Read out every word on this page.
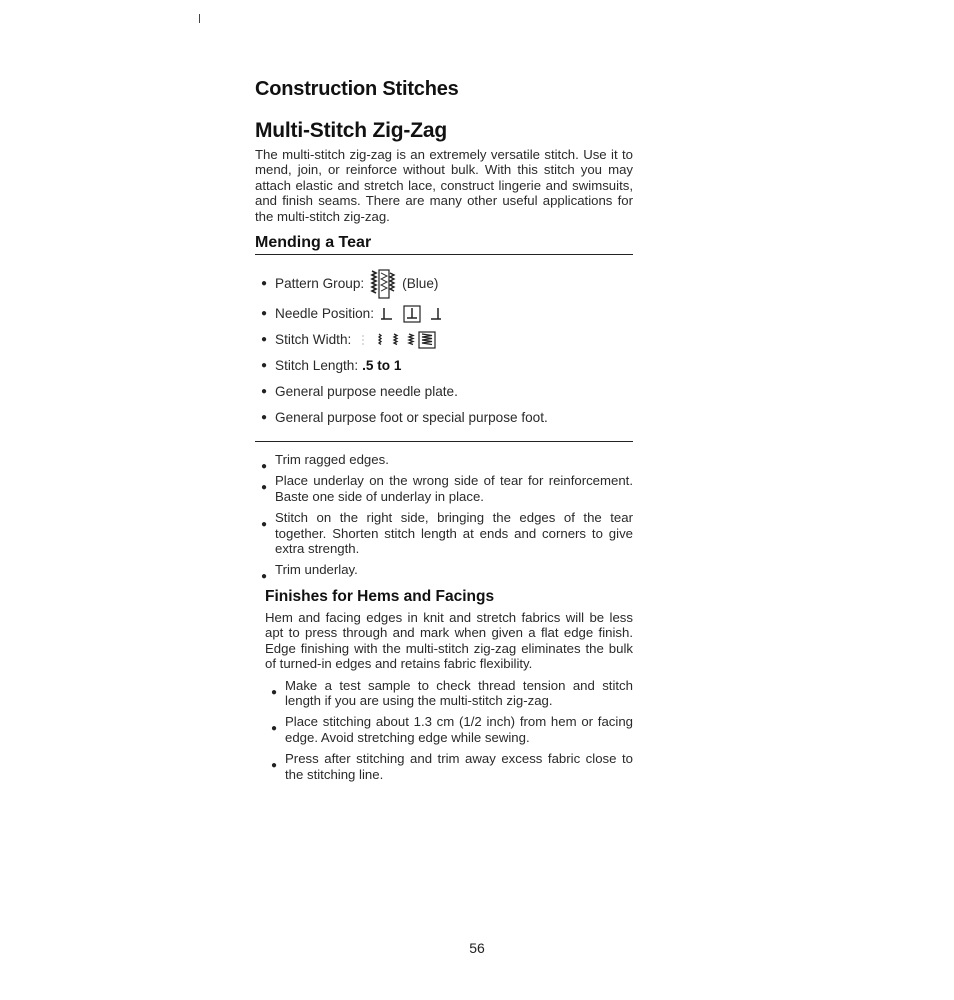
Construction Stitches
Multi-Stitch Zig-Zag

The multi-stitch zig-zag is an extremely versatile stitch. Use it to mend, join, or reinforce without bulk. With this stitch you may attach elastic and stretch lace, construct lingerie and swimsuits, and finish seams. There are many other useful applications for the multi-stitch zig-zag.

Mending a Tear
● Pattern Group:	(Blue)
● Needle Position:
● Stitch Width:
● Stitch Length: .5 to 1
● General purpose needle plate.
● General purpose foot or special purpose foot.
● Trim ragged edges.
● Place underlay on the wrong side of tear for reinforcement. Baste one side of underlay in place.
● Stitch on the right side, bringing the edges of the tear together. Shorten stitch length at ends and corners to give extra strength.
● Trim underlay.
Finishes for Hems and Facings

Hem and facing edges in knit and stretch fabrics will be less apt to press through and mark when given a flat edge finish. Edge finishing with the multi-stitch zig-zag eliminates the bulk of turned-in edges and retains fabric flexibility.

● Make a test sample to check thread tension and stitch length if you are using the multi-stitch zig-zag.
● Place stitching about 1.3 cm (1/2 inch) from hem or facing edge. Avoid stretching edge while sewing.
● Press after stitching and trim away excess fabric close to the stitching line.
56
